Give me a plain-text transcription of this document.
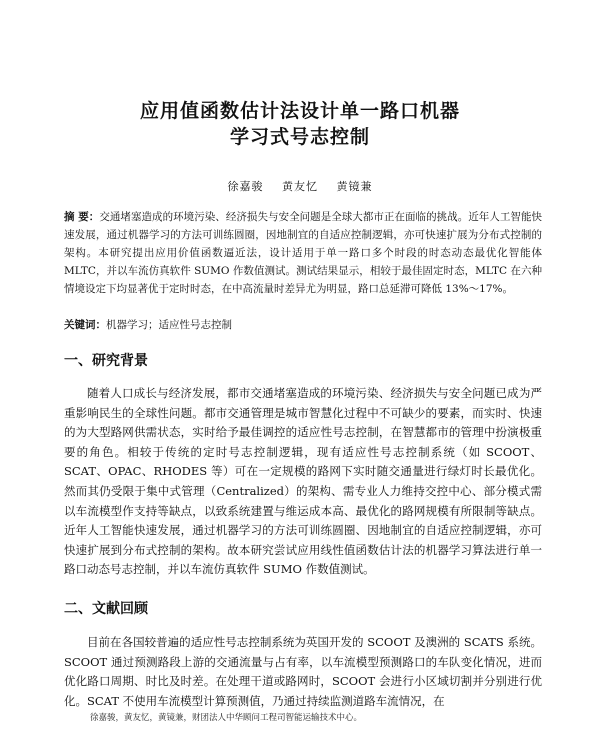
应用值函数估计法设计单一路口机器
学习式号志控制
徐嘉骏 黄友忆 黄镜兼
摘 要：交通堵塞造成的环境污染、经济损失与安全问题是全球大都市正在面临的挑战。近年人工智能快速发展，通过机器学习的方法可训练圆圈，因地制宜的自适应控制逻辑，亦可快速扩展为分布式控制的架构。本研究提出应用价值函数逼近法，设计适用于单一路口多个时段的时态动态最优化智能体 MLTC，并以车流仿真软件 SUMO 作数值测试。测试结果显示，相较于最佳固定时态，MLTC 在六种情境设定下均显著优于定时时态，在中高流量时差异尤为明显，路口总延滞可降低 13%～17%。
关键词：机器学习；适应性号志控制
一、研究背景
随着人口成长与经济发展，都市交通堵塞造成的环境污染、经济损失与安全问题已成为严重影响民生的全球性问题。都市交通管理是城市智慧化过程中不可缺少的要素，而实时、快速的为大型路网供需状态，实时给予最佳调控的适应性号志控制，在智慧都市的管理中扮演极重要的角色。相较于传统的定时号志控制逻辑，现有适应性号志控制系统（如 SCOOT、SCAT、OPAC、RHODES 等）可在一定规模的路网下实时随交通量进行绿灯时长最优化。然而其仍受限于集中式管理（Centralized）的架构、需专业人力维持交控中心、部分模式需以车流模型作支持等缺点，以致系统建置与维运成本高、最优化的路网规模有所限制等缺点。近年人工智能快速发展，通过机器学习的方法可训练圆圈、因地制宜的自适应控制逻辑，亦可快速扩展到分布式控制的架构。故本研究尝试应用线性值函数估计法的机器学习算法进行单一路口动态号志控制，并以车流仿真软件 SUMO 作数值测试。
二、文献回顾
目前在各国较普遍的适应性号志控制系统为英国开发的 SCOOT 及澳洲的 SCATS 系统。SCOOT 通过预测路段上游的交通流量与占有率，以车流模型预测路口的车队变化情况，进而优化路口周期、时比及时差。在处理干道或路网时，SCOOT 会进行小区域切割并分别进行优化。SCAT 不使用车流模型计算预测值，乃通过持续监测道路车流情况，在
徐嘉骏，黄友忆，黄镜兼，财团法人中华顾问工程司智能运输技术中心。
